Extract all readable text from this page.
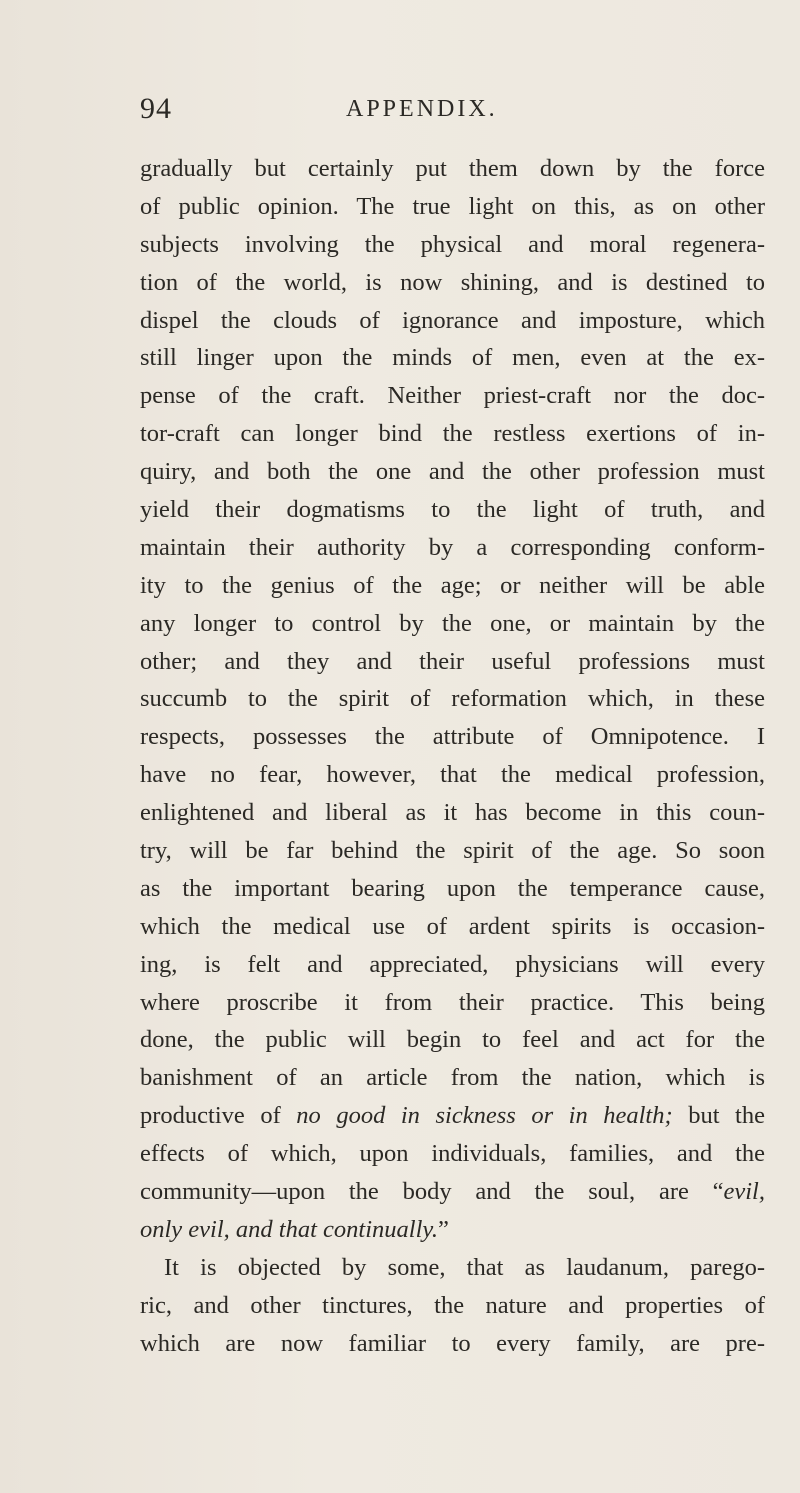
94	APPENDIX.
gradually but certainly put them down by the force
of public opinion. The true light on this, as on other
subjects involving the physical and moral regenera-
tion of the world, is now shining, and is destined to
dispel the clouds of ignorance and imposture, which
still linger upon the minds of men, even at the ex-
pense of the craft. Neither priest-craft nor the doc-
tor-craft can longer bind the restless exertions of in-
quiry, and both the one and the other profession must
yield their dogmatisms to the light of truth, and
maintain their authority by a corresponding conform-
ity to the genius of the age; or neither will be able
any longer to control by the one, or maintain by the
other; and they and their useful professions must
succumb to the spirit of reformation which, in these
respects, possesses the attribute of Omnipotence. I
have no fear, however, that the medical profession,
enlightened and liberal as it has become in this coun-
try, will be far behind the spirit of the age. So soon
as the important bearing upon the temperance cause,
which the medical use of ardent spirits is occasion-
ing, is felt and appreciated, physicians will every
where proscribe it from their practice. This being
done, the public will begin to feel and act for the
banishment of an article from the nation, which is
productive of no good in sickness or in health; but the
effects of which, upon individuals, families, and the
community—upon the body and the soul, are “evil,
only evil, and that continually.”
It is objected by some, that as laudanum, parego-
ric, and other tinctures, the nature and properties of
which are now familiar to every family, are pre-
